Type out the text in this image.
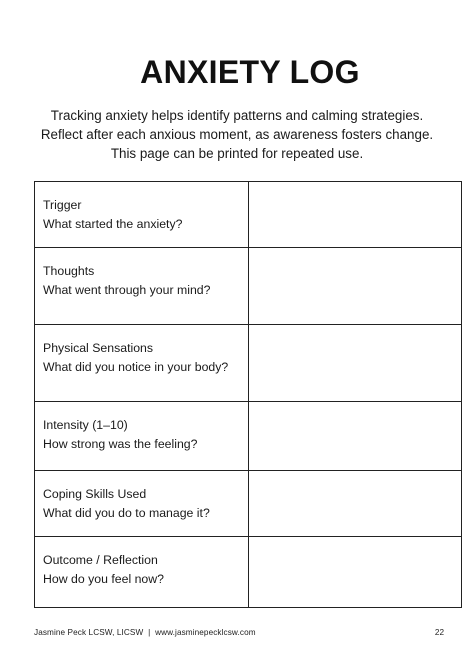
ANXIETY LOG
Tracking anxiety helps identify patterns and calming strategies. Reflect after each anxious moment, as awareness fosters change. This page can be printed for repeated use.
Trigger
What started the anxiety?	

Thoughts
What went through your mind?	

Physical Sensations
What did you notice in your body?	

Intensity (1–10)
How strong was the feeling?	

Coping Skills Used
What did you do to manage it?	

Outcome / Reflection
How do you feel now?	

Jasmine Peck LCSW, LICSW | www.jasminepecklcsw.com	22
